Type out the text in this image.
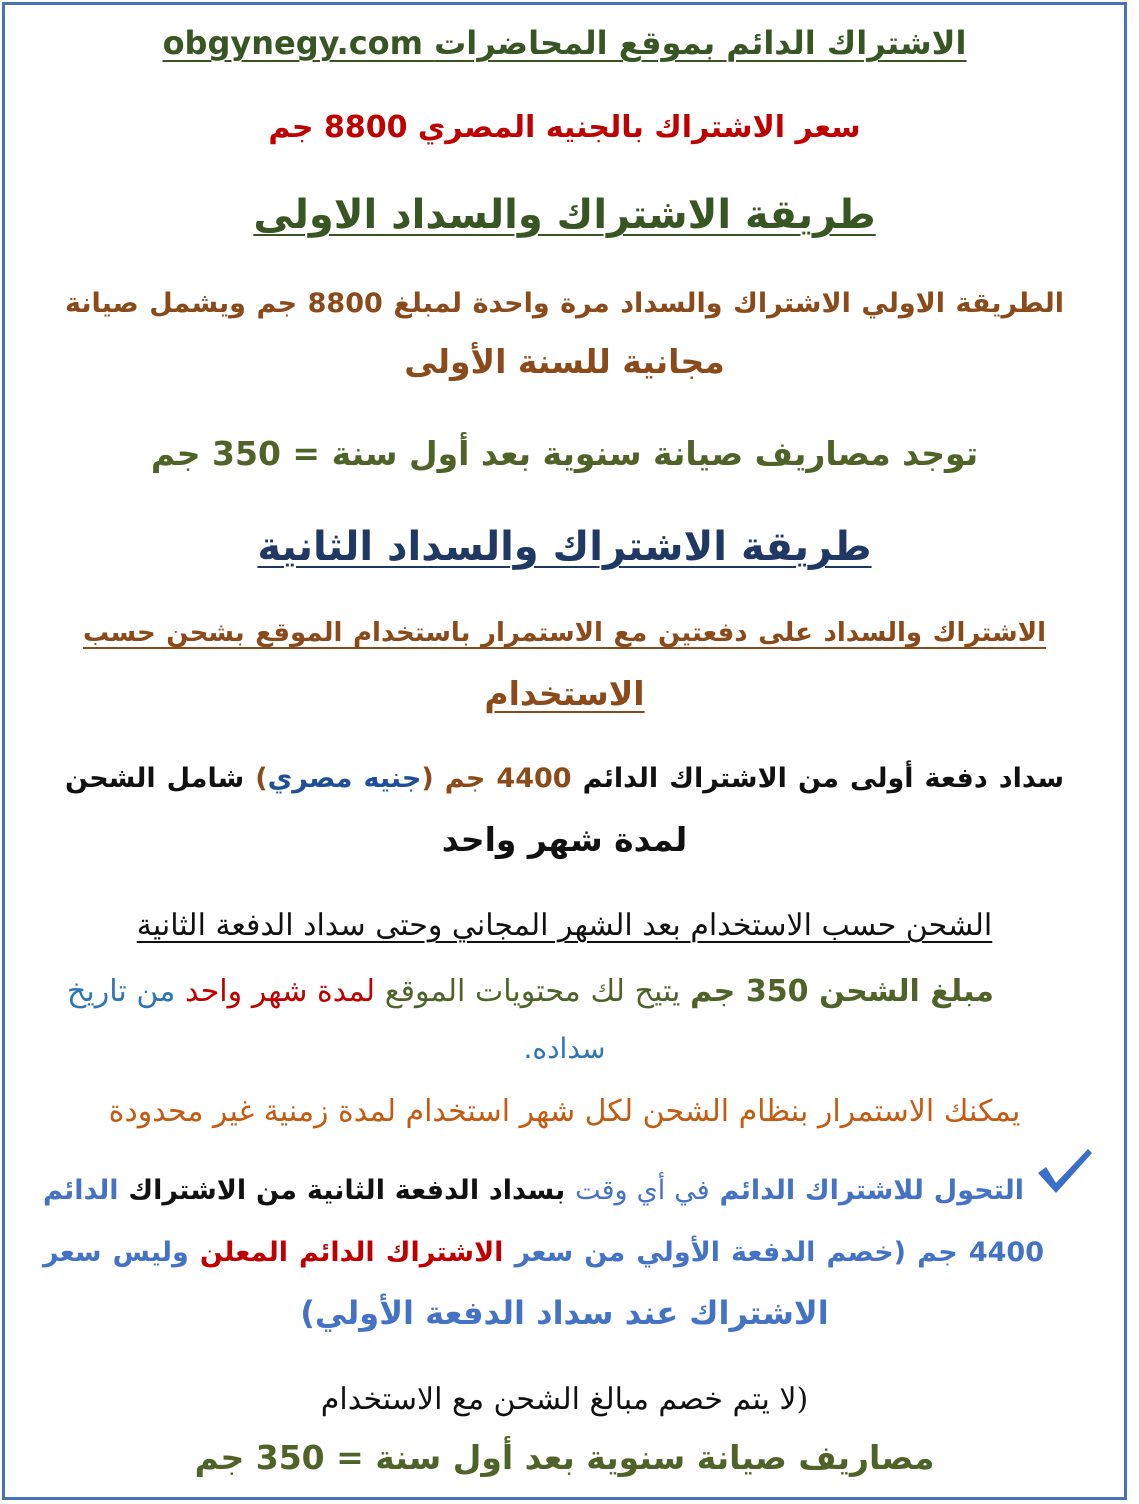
الاشتراك الدائم بموقع المحاضرات obgynegy.com
سعر الاشتراك بالجنيه المصري 8800 جم
طريقة الاشتراك والسداد الاولى
الطريقة الاولي الاشتراك والسداد مرة واحدة لمبلغ 8800 جم ويشمل صيانة
مجانية للسنة الأولى
توجد مصاريف صيانة سنوية بعد أول سنة = 350 جم
طريقة الاشتراك والسداد الثانية
الاشتراك والسداد على دفعتين مع الاستمرار باستخدام الموقع بشحن حسب
الاستخدام
سداد دفعة أولى من الاشتراك الدائم 4400 جم (جنيه مصري) شامل الشحن
لمدة شهر واحد
الشحن حسب الاستخدام بعد الشهر المجاني وحتى سداد الدفعة الثانية
مبلغ الشحن 350 جم يتيح لك محتويات الموقع لمدة شهر واحد من تاريخ
سداده.
يمكنك الاستمرار بنظام الشحن لكل شهر استخدام لمدة زمنية غير محدودة
التحول للاشتراك الدائم في أي وقت بسداد الدفعة الثانية من الاشتراك الدائم
4400 جم (خصم الدفعة الأولي من سعر الاشتراك الدائم المعلن وليس سعر
الاشتراك عند سداد الدفعة الأولي)
(لا يتم خصم مبالغ الشحن مع الاستخدام
مصاريف صيانة سنوية بعد أول سنة = 350 جم
